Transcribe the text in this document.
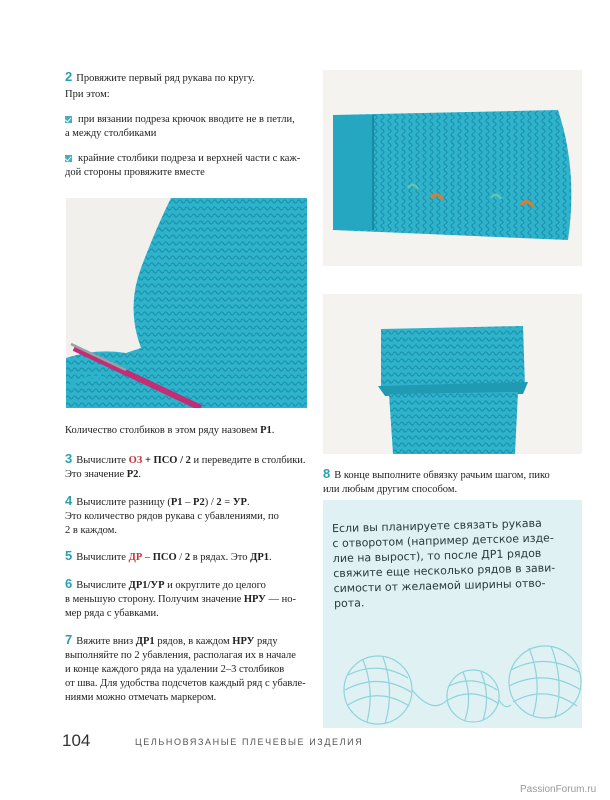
2 Провяжите первый ряд рукава по кругу.
При этом:
при вязании подреза крючок вводите не в петли,
а между столбиками
крайние столбики подреза и верхней части с каж-
дой стороны провяжите вместе
Количество столбиков в этом ряду назовем Р1.
3 Вычислите ОЗ + ПСО / 2 и переведите в столбики. Это значение Р2.
4 Вычислите разницу (Р1 – Р2) / 2 = УР.
Это количество рядов рукава с убавлениями, по
2 в каждом.
5 Вычислите ДР – ПСО / 2 в рядах. Это ДР1.
6 Вычислите ДР1/УР и округлите до целого
в меньшую сторону. Получим значение НРУ — но-
мер ряда с убавками.
7 Вяжите вниз ДР1 рядов, в каждом НРУ ряду
выполняйте по 2 убавления, располагая их в начале
и конце каждого ряда на удалении 2–3 столбиков
от шва. Для удобства подсчетов каждый ряд с убавле-
ниями можно отмечать маркером.
8 В конце выполните обвязку рачьим шагом, пико
или любым другим способом.
Если вы планируете связать рукава
с отворотом (например детское изде-
лие на вырост), то после ДР1 рядов
свяжите еще несколько рядов в зави-
симости от желаемой ширины отво-
рота.
104	ЦЕЛЬНОВЯЗАНЫЕ ПЛЕЧЕВЫЕ ИЗДЕЛИЯ
PassionForum.ru
